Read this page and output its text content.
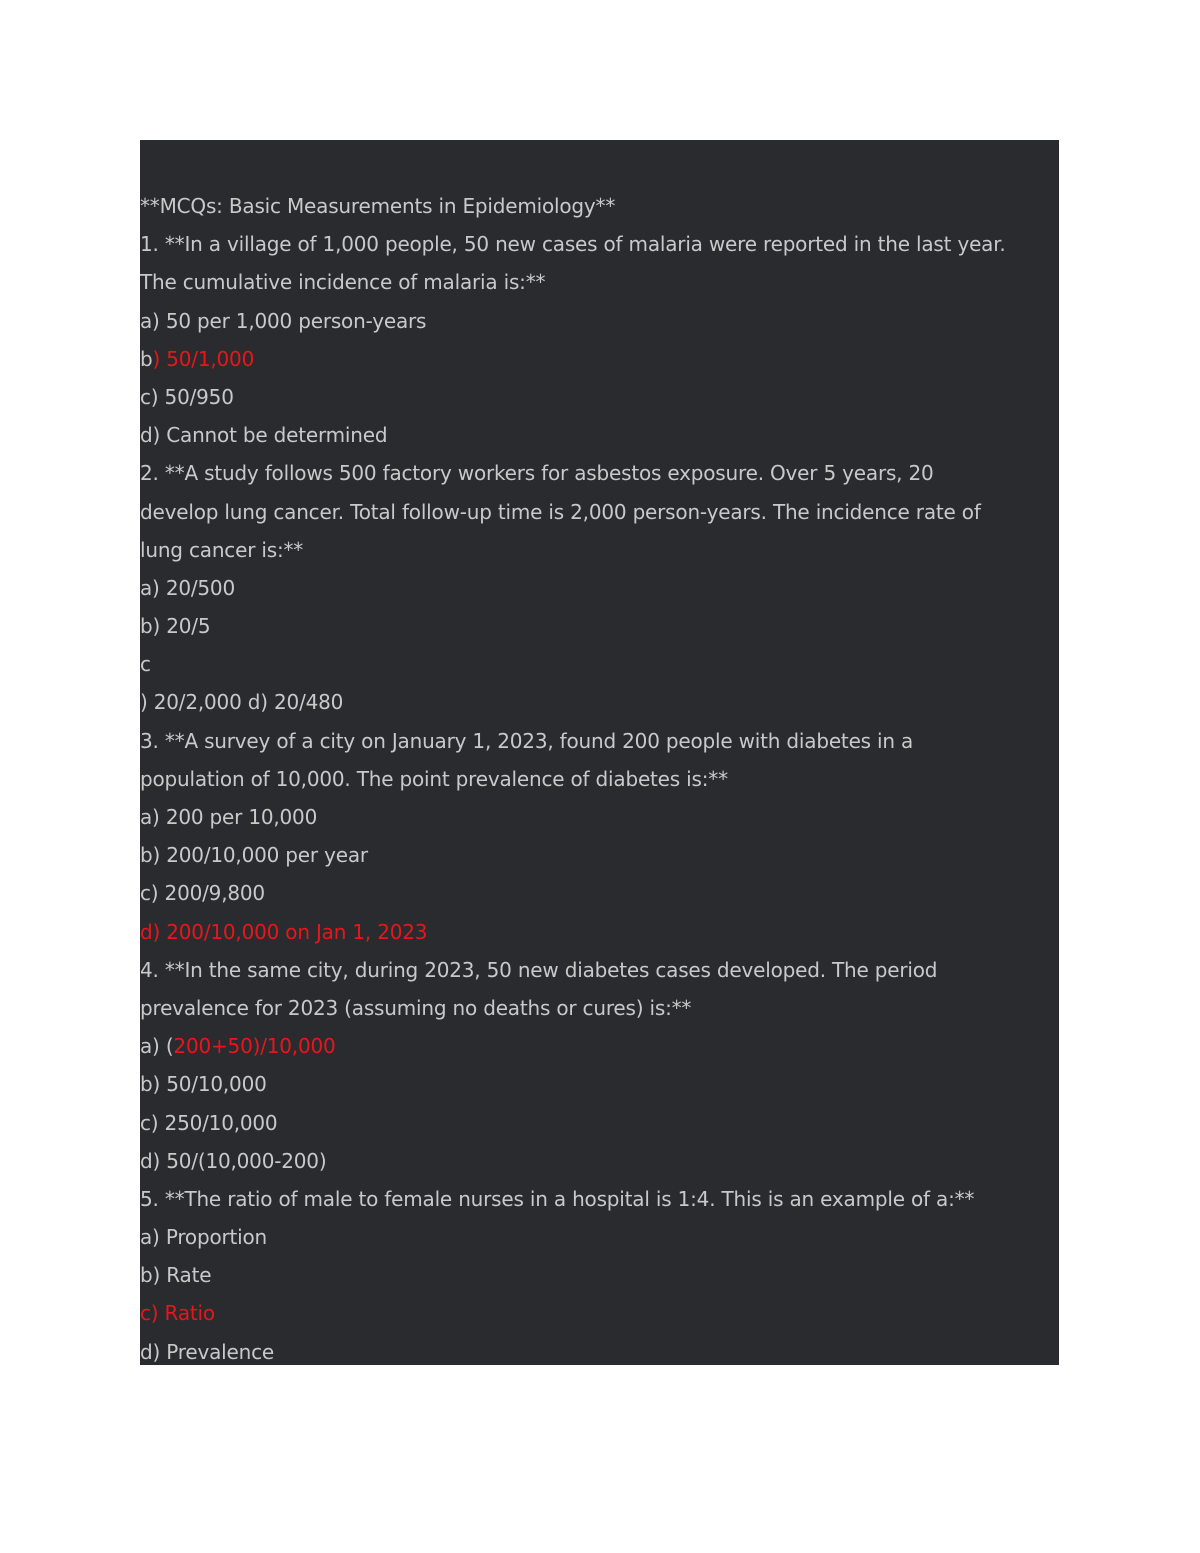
**MCQs: Basic Measurements in Epidemiology**
1. **In a village of 1,000 people, 50 new cases of malaria were reported in the last year.
The cumulative incidence of malaria is:**
a) 50 per 1,000 person-years
b) 50/1,000
c) 50/950
d) Cannot be determined
2. **A study follows 500 factory workers for asbestos exposure. Over 5 years, 20
develop lung cancer. Total follow-up time is 2,000 person-years. The incidence rate of
lung cancer is:**
a) 20/500
b) 20/5
c
) 20/2,000 d) 20/480
3. **A survey of a city on January 1, 2023, found 200 people with diabetes in a
population of 10,000. The point prevalence of diabetes is:**
a) 200 per 10,000
b) 200/10,000 per year
c) 200/9,800
d) 200/10,000 on Jan 1, 2023
4. **In the same city, during 2023, 50 new diabetes cases developed. The period
prevalence for 2023 (assuming no deaths or cures) is:**
a) (200+50)/10,000
b) 50/10,000
c) 250/10,000
d) 50/(10,000-200)
5. **The ratio of male to female nurses in a hospital is 1:4. This is an example of a:**
a) Proportion
b) Rate
c) Ratio
d) Prevalence
